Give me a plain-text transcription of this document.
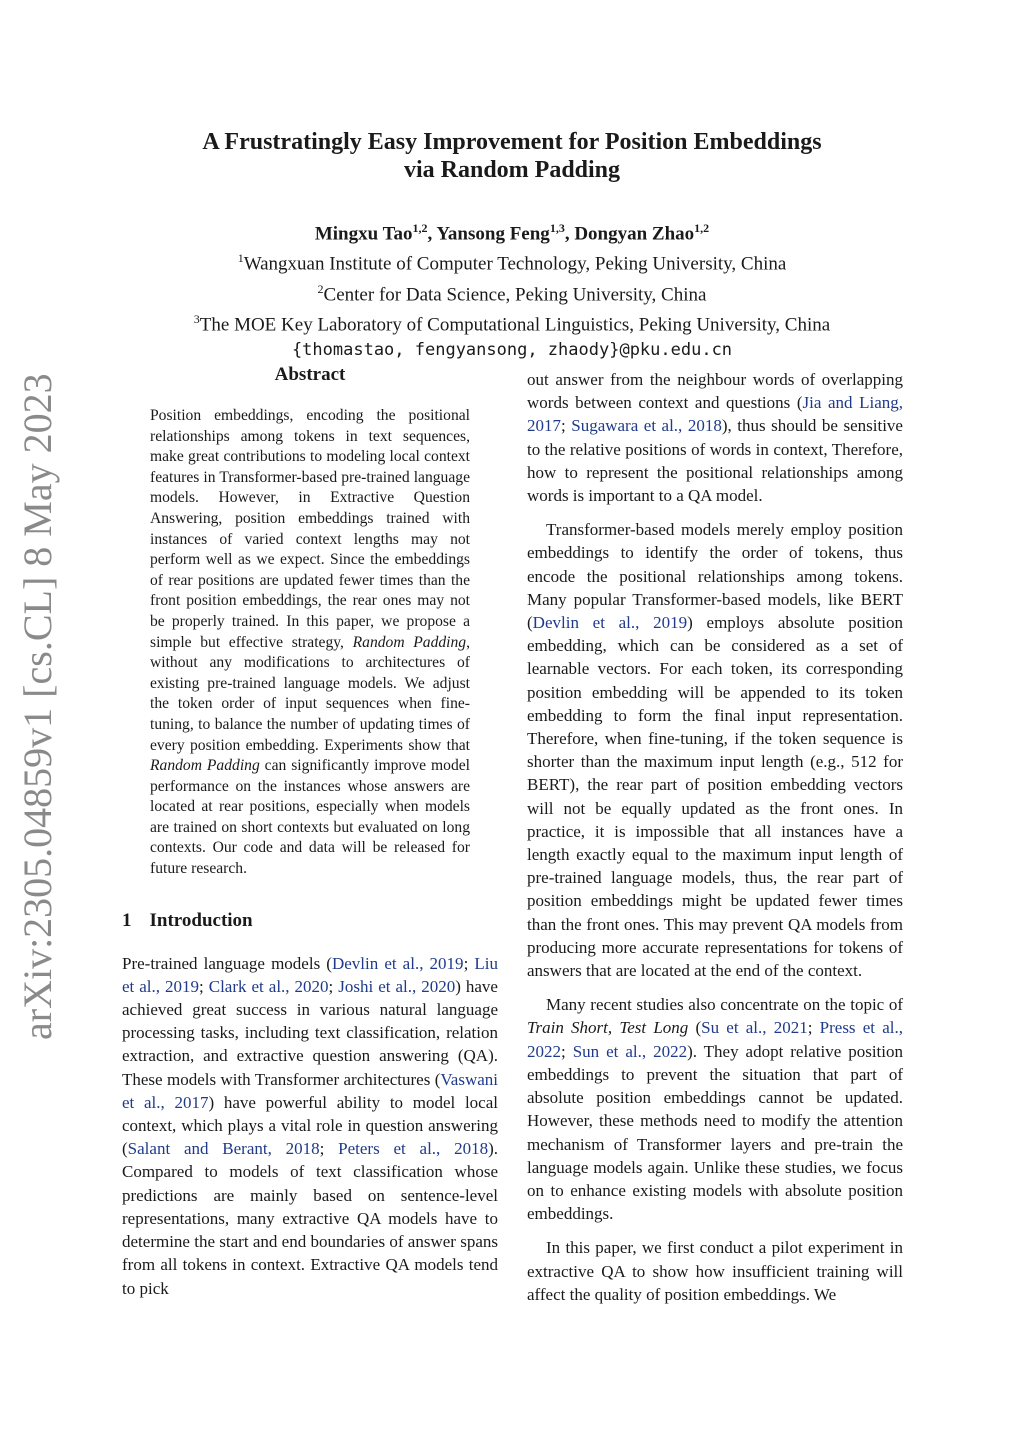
arXiv:2305.04859v1 [cs.CL] 8 May 2023
A Frustratingly Easy Improvement for Position Embeddings
via Random Padding
Mingxu Tao$^{1,2}$, Yansong Feng$^{1,3}$, Dongyan Zhao$^{1,2}$
$^1$Wangxuan Institute of Computer Technology, Peking University, China
$^2$Center for Data Science, Peking University, China
$^3$The MOE Key Laboratory of Computational Linguistics, Peking University, China
{thomastao, fengyansong, zhaody}@pku.edu.cn
Abstract

Position embeddings, encoding the positional relationships among tokens in text sequences, make great contributions to modeling local context features in Transformer-based pre-trained language models. However, in Extractive Question Answering, position embeddings trained with instances of varied context lengths may not perform well as we expect. Since the embeddings of rear positions are updated fewer times than the front position embeddings, the rear ones may not be properly trained. In this paper, we propose a simple but effective strategy, Random Padding, without any modifications to architectures of existing pre-trained language models. We adjust the token order of input sequences when fine-tuning, to balance the number of updating times of every position embedding. Experiments show that Random Padding can significantly improve model performance on the instances whose answers are located at rear positions, especially when models are trained on short contexts but evaluated on long contexts. Our code and data will be released for future research.

1 Introduction

Pre-trained language models (Devlin et al., 2019; Liu et al., 2019; Clark et al., 2020; Joshi et al., 2020) have achieved great success in various natural language processing tasks, including text classification, relation extraction, and extractive question answering (QA). These models with Transformer architectures (Vaswani et al., 2017) have powerful ability to model local context, which plays a vital role in question answering (Salant and Berant, 2018; Peters et al., 2018). Compared to models of text classification whose predictions are mainly based on sentence-level representations, many extractive QA models have to determine the start and end boundaries of answer spans from all tokens in context. Extractive QA models tend to pick

out answer from the neighbour words of overlapping words between context and questions (Jia and Liang, 2017; Sugawara et al., 2018), thus should be sensitive to the relative positions of words in context, Therefore, how to represent the positional relationships among words is important to a QA model.

Transformer-based models merely employ position embeddings to identify the order of tokens, thus encode the positional relationships among tokens. Many popular Transformer-based models, like BERT (Devlin et al., 2019) employs absolute position embedding, which can be considered as a set of learnable vectors. For each token, its corresponding position embedding will be appended to its token embedding to form the final input representation. Therefore, when fine-tuning, if the token sequence is shorter than the maximum input length (e.g., 512 for BERT), the rear part of position embedding vectors will not be equally updated as the front ones. In practice, it is impossible that all instances have a length exactly equal to the maximum input length of pre-trained language models, thus, the rear part of position embeddings might be updated fewer times than the front ones. This may prevent QA models from producing more accurate representations for tokens of answers that are located at the end of the context.

Many recent studies also concentrate on the topic of Train Short, Test Long (Su et al., 2021; Press et al., 2022; Sun et al., 2022). They adopt relative position embeddings to prevent the situation that part of absolute position embeddings cannot be updated. However, these methods need to modify the attention mechanism of Transformer layers and pre-train the language models again. Unlike these studies, we focus on to enhance existing models with absolute position embeddings.

In this paper, we first conduct a pilot experiment in extractive QA to show how insufficient training will affect the quality of position embeddings. We
